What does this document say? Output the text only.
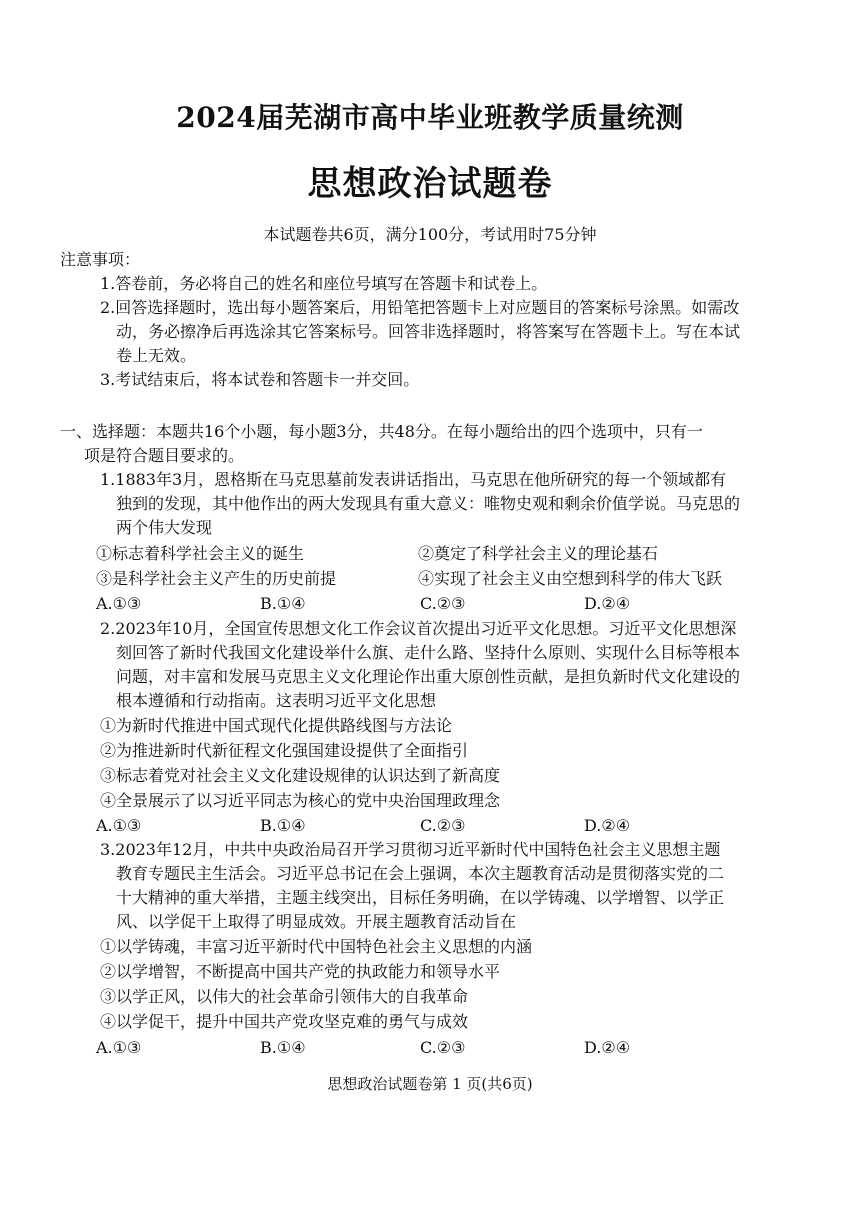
2024届芜湖市高中毕业班教学质量统测
思想政治试题卷
本试题卷共6页，满分100分，考试用时75分钟
注意事项：
1.答卷前，务必将自己的姓名和座位号填写在答题卡和试卷上。
2.回答选择题时，选出每小题答案后，用铅笔把答题卡上对应题目的答案标号涂黑。如需改
动，务必擦净后再选涂其它答案标号。回答非选择题时，将答案写在答题卡上。写在本试
卷上无效。
3.考试结束后，将本试卷和答题卡一并交回。
一、选择题：本题共16个小题，每小题3分，共48分。在每小题给出的四个选项中，只有一
项是符合题目要求的。
1.1883年3月，恩格斯在马克思墓前发表讲话指出，马克思在他所研究的每一个领域都有
独到的发现，其中他作出的两大发现具有重大意义：唯物史观和剩余价值学说。马克思的
两个伟大发现
①标志着科学社会主义的诞生	②奠定了科学社会主义的理论基石
③是科学社会主义产生的历史前提	④实现了社会主义由空想到科学的伟大飞跃
A.①③	B.①④	C.②③	D.②④
2.2023年10月，全国宣传思想文化工作会议首次提出习近平文化思想。习近平文化思想深
刻回答了新时代我国文化建设举什么旗、走什么路、坚持什么原则、实现什么目标等根本
问题，对丰富和发展马克思主义文化理论作出重大原创性贡献，是担负新时代文化建设的
根本遵循和行动指南。这表明习近平文化思想
①为新时代推进中国式现代化提供路线图与方法论
②为推进新时代新征程文化强国建设提供了全面指引
③标志着党对社会主义文化建设规律的认识达到了新高度
④全景展示了以习近平同志为核心的党中央治国理政理念
A.①③	B.①④	C.②③	D.②④
3.2023年12月，中共中央政治局召开学习贯彻习近平新时代中国特色社会主义思想主题
教育专题民主生活会。习近平总书记在会上强调，本次主题教育活动是贯彻落实党的二
十大精神的重大举措，主题主线突出，目标任务明确，在以学铸魂、以学增智、以学正
风、以学促干上取得了明显成效。开展主题教育活动旨在
①以学铸魂，丰富习近平新时代中国特色社会主义思想的内涵
②以学增智，不断提高中国共产党的执政能力和领导水平
③以学正风，以伟大的社会革命引领伟大的自我革命
④以学促干，提升中国共产党攻坚克难的勇气与成效
A.①③	B.①④	C.②③	D.②④
思想政治试题卷第 1 页(共6页)
